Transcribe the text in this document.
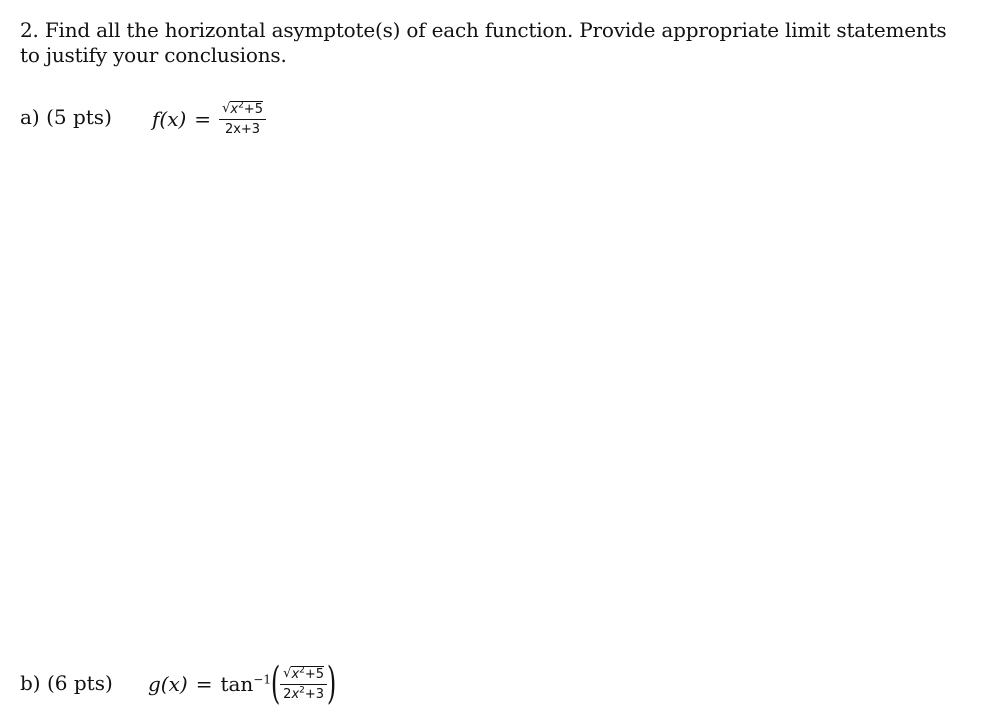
2. Find all the horizontal asymptote(s) of each function. Provide appropriate limit statements to justify your conclusions.
a) (5 pts) $f(x) = \frac{√ x^2+5}{2x+3}$
b) (6 pts) $g(x) = \tan^{-1}$ ( $\frac{√ x^2+5}{2x^2+3}$ )
